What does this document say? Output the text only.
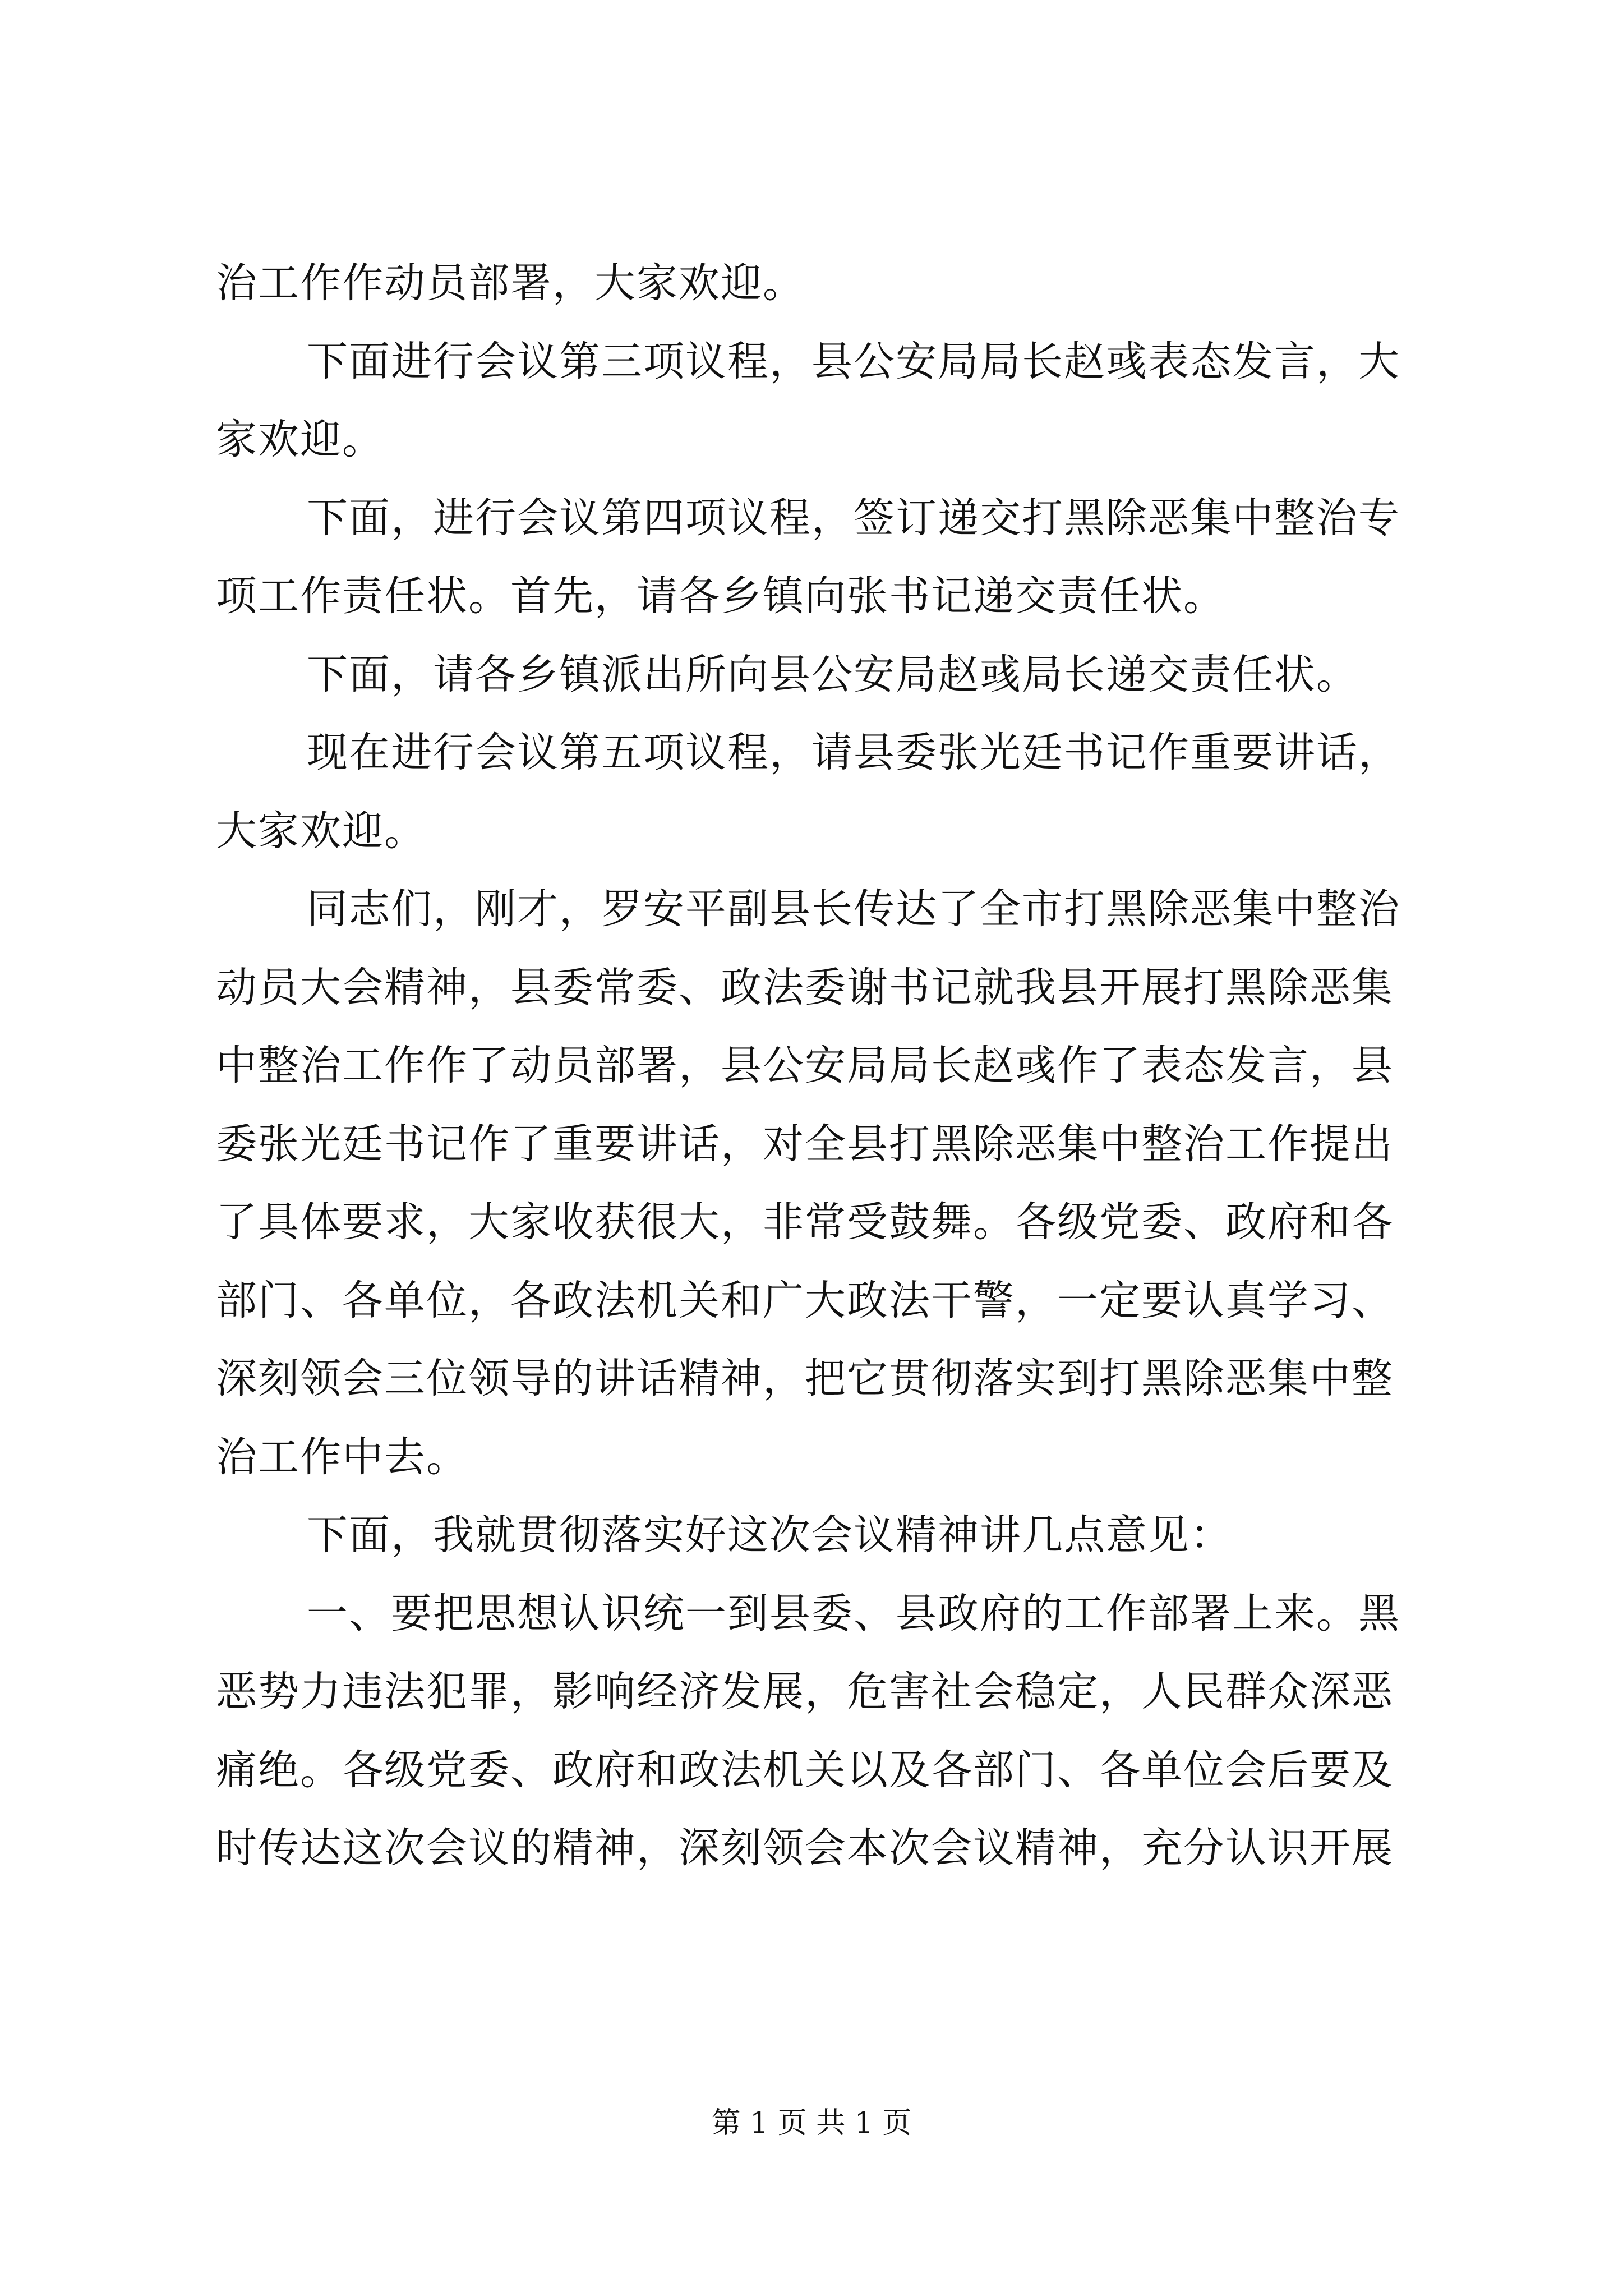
治工作作动员部署，大家欢迎。
下面进行会议第三项议程，县公安局局长赵彧表态发言，大
家欢迎。
下面，进行会议第四项议程，签订递交打黑除恶集中整治专
项工作责任状。首先，请各乡镇向张书记递交责任状。
下面，请各乡镇派出所向县公安局赵彧局长递交责任状。
现在进行会议第五项议程，请县委张光廷书记作重要讲话，
大家欢迎。
同志们，刚才，罗安平副县长传达了全市打黑除恶集中整治
动员大会精神，县委常委、政法委谢书记就我县开展打黑除恶集
中整治工作作了动员部署，县公安局局长赵彧作了表态发言，县
委张光廷书记作了重要讲话，对全县打黑除恶集中整治工作提出
了具体要求，大家收获很大，非常受鼓舞。各级党委、政府和各
部门、各单位，各政法机关和广大政法干警，一定要认真学习、
深刻领会三位领导的讲话精神，把它贯彻落实到打黑除恶集中整
治工作中去。
下面，我就贯彻落实好这次会议精神讲几点意见：
一、要把思想认识统一到县委、县政府的工作部署上来。黑
恶势力违法犯罪，影响经济发展，危害社会稳定，人民群众深恶
痛绝。各级党委、政府和政法机关以及各部门、各单位会后要及
时传达这次会议的精神，深刻领会本次会议精神，充分认识开展
第 1 页 共 1 页
